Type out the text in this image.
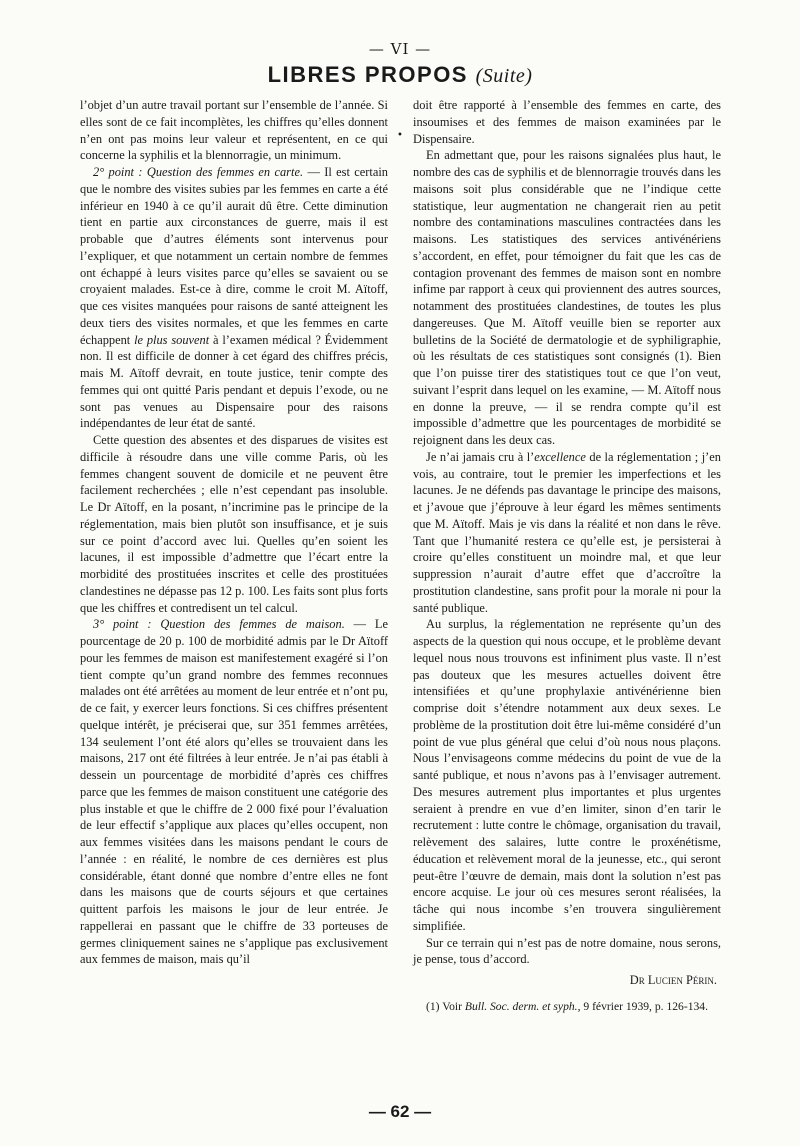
— VI —
LIBRES PROPOS (Suite)

l’objet d’un autre travail portant sur l’ensemble de l’année. Si elles sont de ce fait incomplètes, les chiffres qu’elles donnent n’en ont pas moins leur valeur et représentent, en ce qui concerne la syphilis et la blennorragie, un minimum.

2° point : Question des femmes en carte. — Il est certain que le nombre des visites subies par les femmes en carte a été inférieur en 1940 à ce qu’il aurait dû être. Cette diminution tient en partie aux circonstances de guerre, mais il est probable que d’autres éléments sont intervenus pour l’expliquer, et que notamment un certain nombre de femmes ont échappé à leurs visites parce qu’elles se savaient ou se croyaient malades. Est-ce à dire, comme le croit M. Aïtoff, que ces visites manquées pour raisons de santé atteignent les deux tiers des visites normales, et que les femmes en carte échappent le plus souvent à l’examen médical ? Évidemment non. Il est difficile de donner à cet égard des chiffres précis, mais M. Aïtoff devrait, en toute justice, tenir compte des femmes qui ont quitté Paris pendant et depuis l’exode, ou ne sont pas venues au Dispensaire pour des raisons indépendantes de leur état de santé.

Cette question des absentes et des disparues de visites est difficile à résoudre dans une ville comme Paris, où les femmes changent souvent de domicile et ne peuvent être facilement recherchées ; elle n’est cependant pas insoluble. Le Dr Aïtoff, en la posant, n’incrimine pas le principe de la réglementation, mais bien plutôt son insuffisance, et je suis sur ce point d’accord avec lui. Quelles qu’en soient les lacunes, il est impossible d’admettre que l’écart entre la morbidité des prostituées inscrites et celle des prostituées clandestines ne dépasse pas 12 p. 100. Les faits sont plus forts que les chiffres et contredisent un tel calcul.

3° point : Question des femmes de maison. — Le pourcentage de 20 p. 100 de morbidité admis par le Dr Aïtoff pour les femmes de maison est manifestement exagéré si l’on tient compte qu’un grand nombre des femmes reconnues malades ont été arrêtées au moment de leur entrée et n’ont pu, de ce fait, y exercer leurs fonctions. Si ces chiffres présentent quelque intérêt, je préciserai que, sur 351 femmes arrêtées, 134 seulement l’ont été alors qu’elles se trouvaient dans les maisons, 217 ont été filtrées à leur entrée. Je n’ai pas établi à dessein un pourcentage de morbidité d’après ces chiffres parce que les femmes de maison constituent une catégorie des plus instable et que le chiffre de 2 000 fixé pour l’évaluation de leur effectif s’applique aux places qu’elles occupent, non aux femmes visitées dans les maisons pendant le cours de l’année : en réalité, le nombre de ces dernières est plus considérable, étant donné que nombre d’entre elles ne font dans les maisons que de courts séjours et que certaines quittent parfois les maisons le jour de leur entrée. Je rappellerai en passant que le chiffre de 33 porteuses de germes cliniquement saines ne s’applique pas exclusivement aux femmes de maison, mais qu’il

•

doit être rapporté à l’ensemble des femmes en carte, des insoumises et des femmes de maison examinées par le Dispensaire.

En admettant que, pour les raisons signalées plus haut, le nombre des cas de syphilis et de blennorragie trouvés dans les maisons soit plus considérable que ne l’indique cette statistique, leur augmentation ne changerait rien au petit nombre des contaminations masculines contractées dans les maisons. Les statistiques des services antivénériens s’accordent, en effet, pour témoigner du fait que les cas de contagion provenant des femmes de maison sont en nombre infime par rapport à ceux qui proviennent des autres sources, notamment des prostituées clandestines, de toutes les plus dangereuses. Que M. Aïtoff veuille bien se reporter aux bulletins de la Société de dermatologie et de syphiligraphie, où les résultats de ces statistiques sont consignés (1). Bien que l’on puisse tirer des statistiques tout ce que l’on veut, suivant l’esprit dans lequel on les examine, — M. Aïtoff nous en donne la preuve, — il se rendra compte qu’il est impossible d’admettre que les pourcentages de morbidité se rejoignent dans les deux cas.

Je n’ai jamais cru à l’excellence de la réglementation ; j’en vois, au contraire, tout le premier les imperfections et les lacunes. Je ne défends pas davantage le principe des maisons, et j’avoue que j’éprouve à leur égard les mêmes sentiments que M. Aïtoff. Mais je vis dans la réalité et non dans le rêve. Tant que l’humanité restera ce qu’elle est, je persisterai à croire qu’elles constituent un moindre mal, et que leur suppression n’aurait d’autre effet que d’accroître la prostitution clandestine, sans profit pour la morale ni pour la santé publique.

Au surplus, la réglementation ne représente qu’un des aspects de la question qui nous occupe, et le problème devant lequel nous nous trouvons est infiniment plus vaste. Il n’est pas douteux que les mesures actuelles doivent être intensifiées et qu’une prophylaxie antivénérienne bien comprise doit s’étendre notamment aux deux sexes. Le problème de la prostitution doit être lui-même considéré d’un point de vue plus général que celui d’où nous nous plaçons. Nous l’envisageons comme médecins du point de vue de la santé publique, et nous n’avons pas à l’envisager autrement. Des mesures autrement plus importantes et plus urgentes seraient à prendre en vue d’en limiter, sinon d’en tarir le recrutement : lutte contre le chômage, organisation du travail, relèvement des salaires, lutte contre le proxénétisme, éducation et relèvement moral de la jeunesse, etc., qui seront peut-être l’œuvre de demain, mais dont la solution n’est pas encore acquise. Le jour où ces mesures seront réalisées, la tâche qui nous incombe s’en trouvera singulièrement simplifiée.

Sur ce terrain qui n’est pas de notre domaine, nous serons, je pense, tous d’accord.

Dr Lucien Périn.

(1) Voir Bull. Soc. derm. et syph., 9 février 1939, p. 126-134.

— 62 —
